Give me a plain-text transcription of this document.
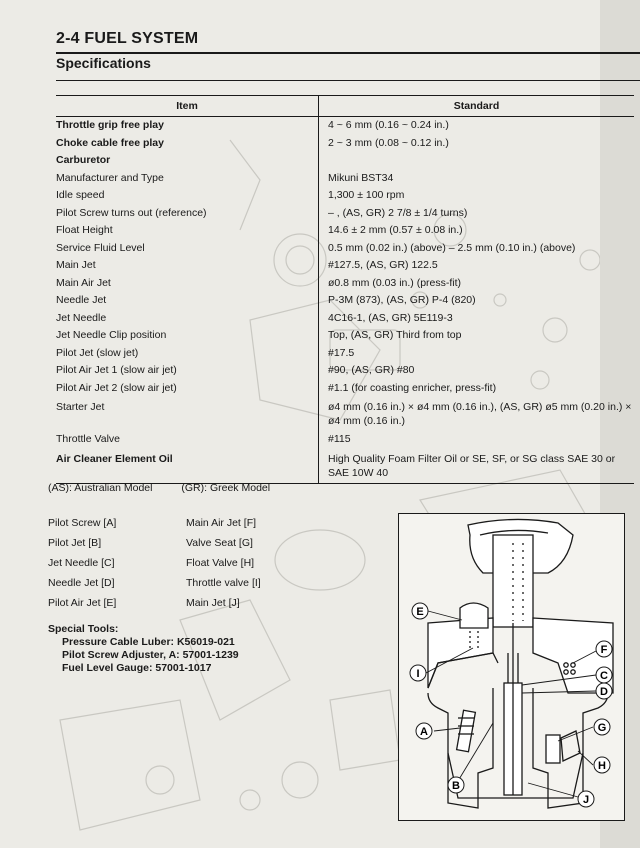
2-4 FUEL SYSTEM
Specifications
Item	Standard
Throttle grip free play	4 ~ 6 mm (0.16 ~ 0.24 in.)
Choke cable free play	2 ~ 3 mm (0.08 ~ 0.12 in.)
Carburetor	
Manufacturer and Type	Mikuni BST34
Idle speed	1,300 ± 100 rpm
Pilot Screw turns out (reference)	– , (AS, GR) 2 7/8 ± 1/4 turns)
Float Height	14.6 ± 2 mm (0.57 ± 0.08 in.)
Service Fluid Level	0.5 mm (0.02 in.) (above) – 2.5 mm (0.10 in.) (above)
Main Jet	#127.5, (AS, GR) 122.5
Main Air Jet	ø0.8 mm (0.03 in.) (press-fit)
Needle Jet	P-3M (873), (AS, GR) P-4 (820)
Jet Needle	4C16-1, (AS, GR) 5E119-3
Jet Needle Clip position	Top, (AS, GR) Third from top
Pilot Jet (slow jet)	#17.5
Pilot Air Jet 1 (slow air jet)	#90, (AS, GR) #80
Pilot Air Jet 2 (slow air jet)	#1.1 (for coasting enricher, press-fit)
Starter Jet	ø4 mm (0.16 in.) × ø4 mm (0.16 in.), (AS, GR) ø5 mm (0.20 in.) ×
ø4 mm (0.16 in.)

Throttle Valve	#115
Air Cleaner Element Oil	High Quality Foam Filter Oil or SE, SF, or SG class SAE 30 or
SAE 10W 40
(AS): Australian Model	(GR): Greek Model
Pilot Screw [A]	Main Air Jet [F]
Pilot Jet [B]	Valve Seat [G]
Jet Needle [C]	Float Valve [H]
Needle Jet [D]	Throttle valve [I]
Pilot Air Jet [E]	Main Jet [J]
Special Tools:
Pressure Cable Luber: K56019-021
Pilot Screw Adjuster, A: 57001-1239
Fuel Level Gauge: 57001-1017
E
I
A
B
F
C
D
G
H
J
